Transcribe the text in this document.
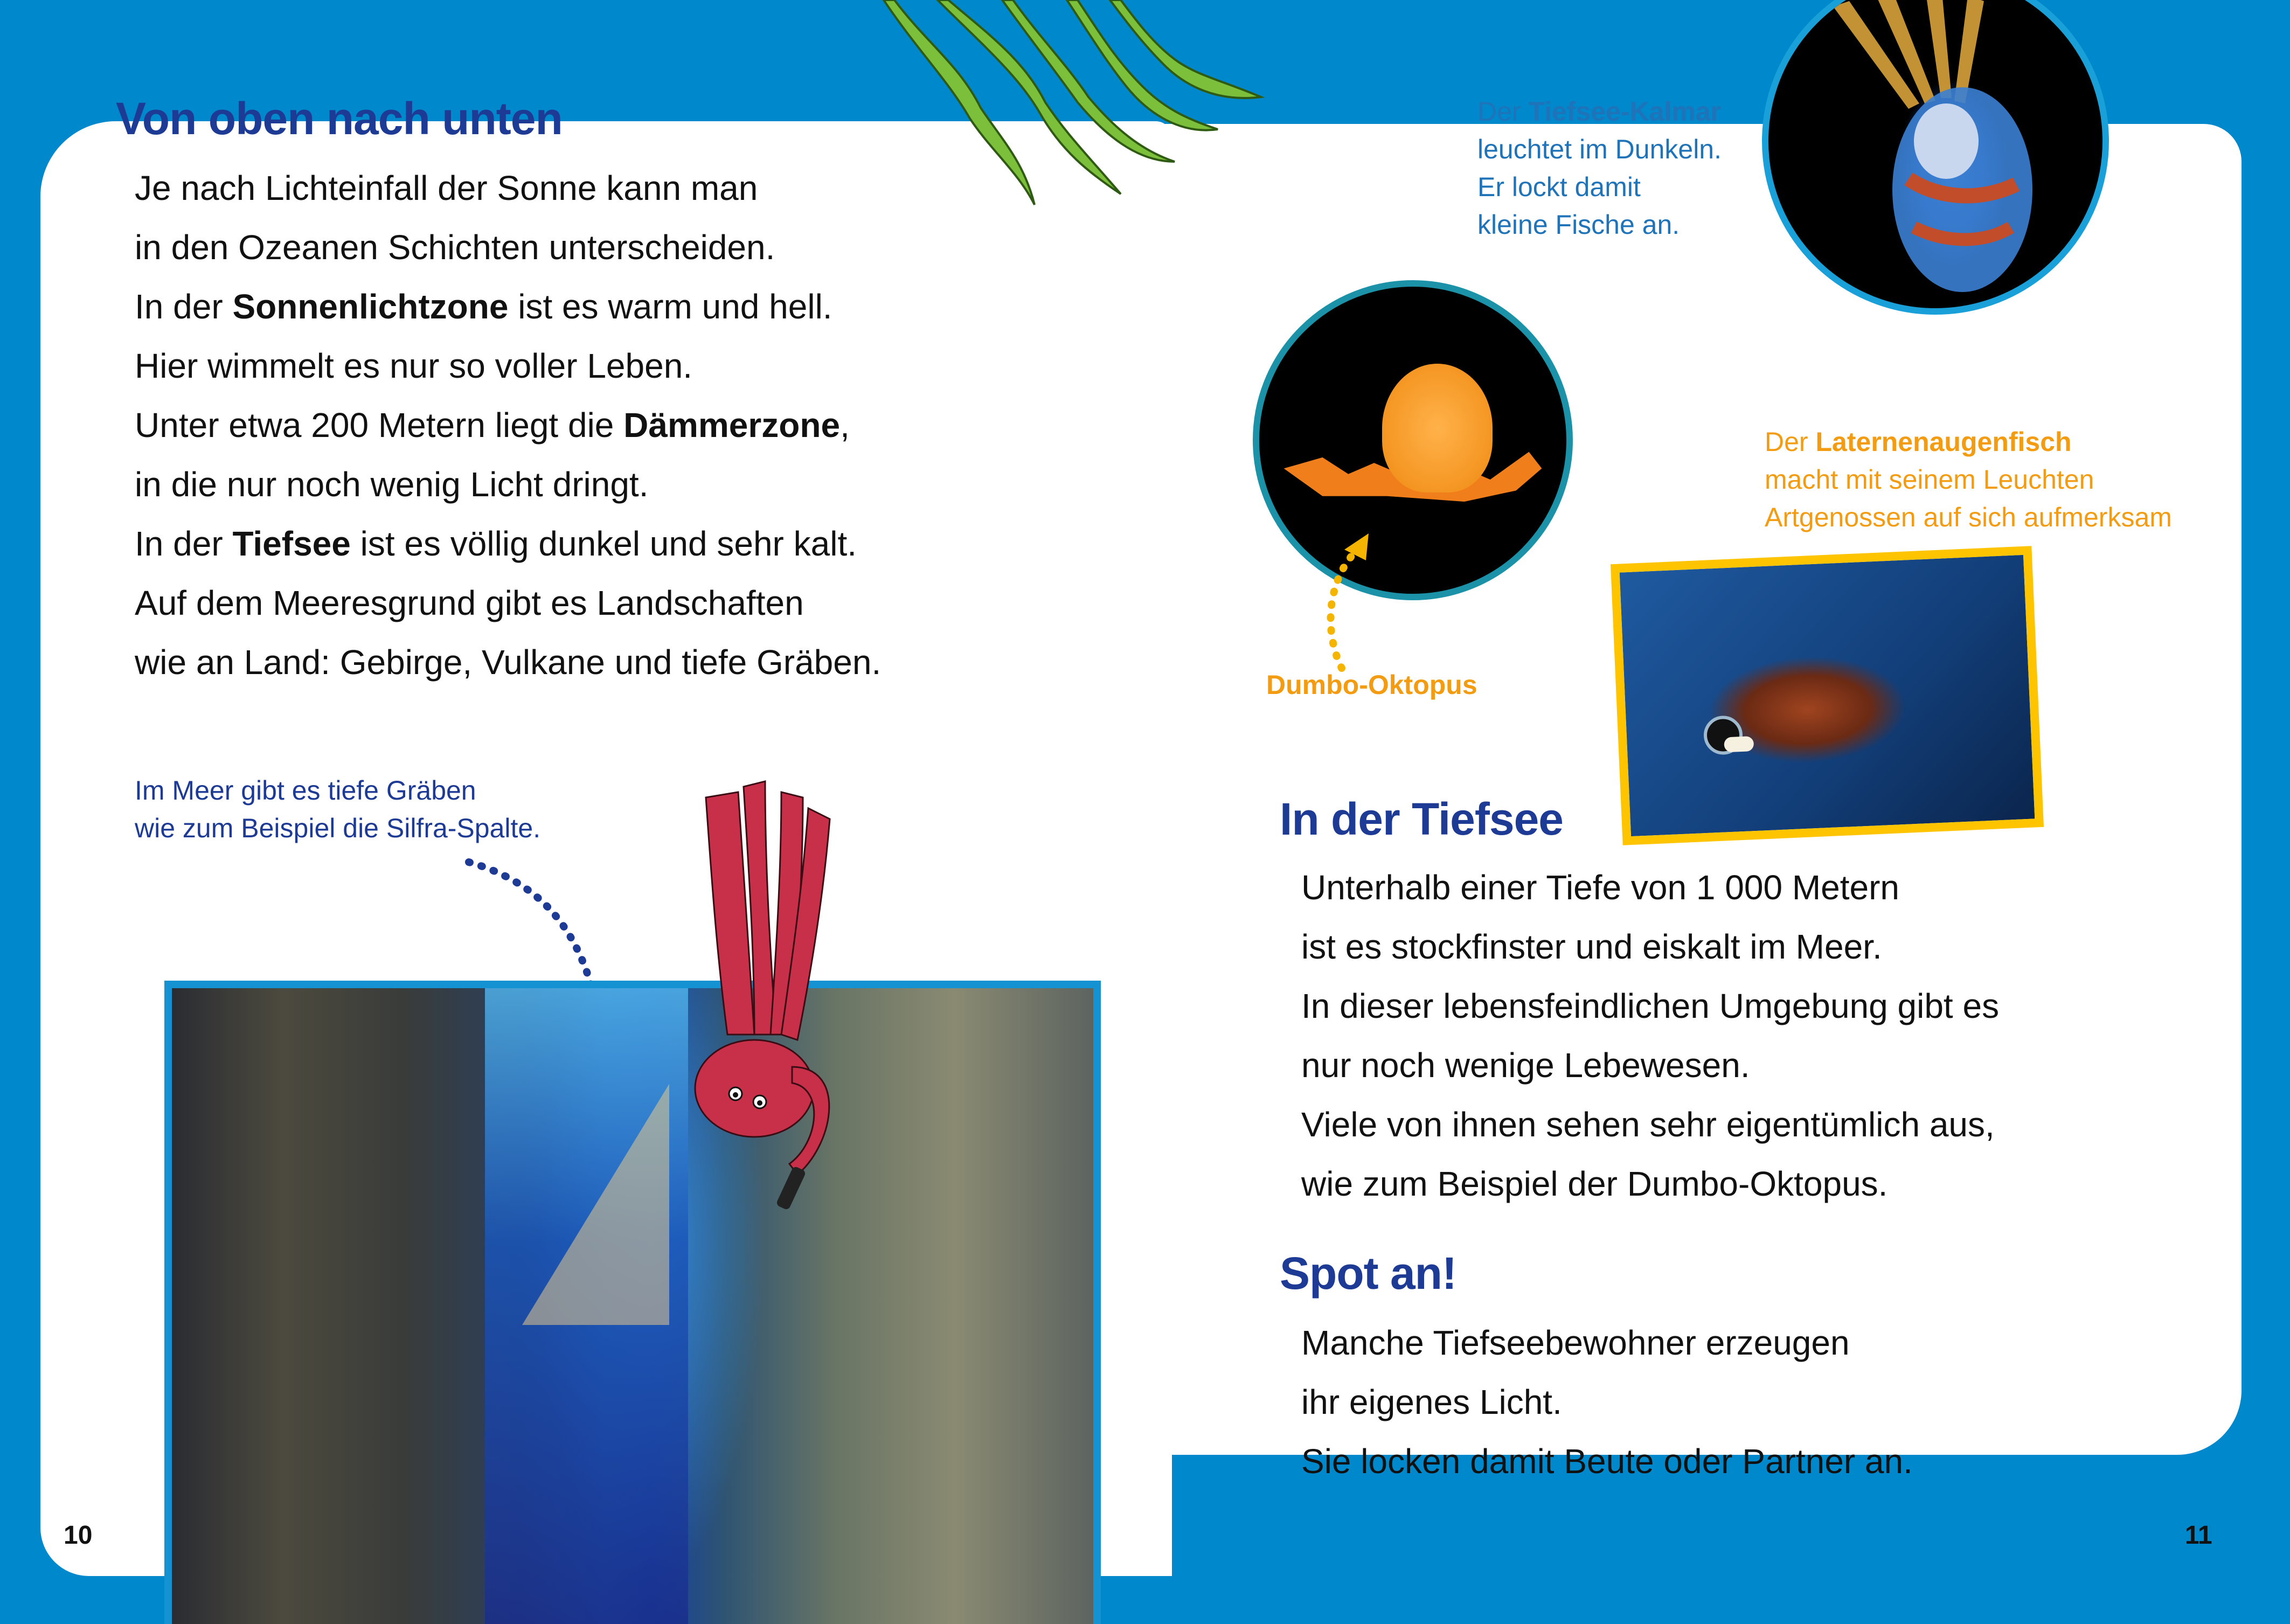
Von oben nach unten
Je nach Lichteinfall der Sonne kann man
in den Ozeanen Schichten unterscheiden.
In der Sonnenlichtzone ist es warm und hell.
Hier wimmelt es nur so voller Leben.
Unter etwa 200 Metern liegt die Dämmerzone,
in die nur noch wenig Licht dringt.
In der Tiefsee ist es völlig dunkel und sehr kalt.
Auf dem Meeresgrund gibt es Landschaften
wie an Land: Gebirge, Vulkane und tiefe Gräben.
Im Meer gibt es tiefe Gräben
wie zum Beispiel die Silfra-Spalte.
10
Der Tiefsee-Kalmar
leuchtet im Dunkeln.
Er lockt damit
kleine Fische an.
Dumbo-Oktopus
Der Laternenaugenfisch
macht mit seinem Leuchten
Artgenossen auf sich aufmerksam
In der Tiefsee
Unterhalb einer Tiefe von 1 000 Metern
ist es stockfinster und eiskalt im Meer.
In dieser lebensfeindlichen Umgebung gibt es
nur noch wenige Lebewesen.
Viele von ihnen sehen sehr eigentümlich aus,
wie zum Beispiel der Dumbo-Oktopus.
Spot an!
Manche Tiefseebewohner erzeugen
ihr eigenes Licht.
Sie locken damit Beute oder Partner an.
11
